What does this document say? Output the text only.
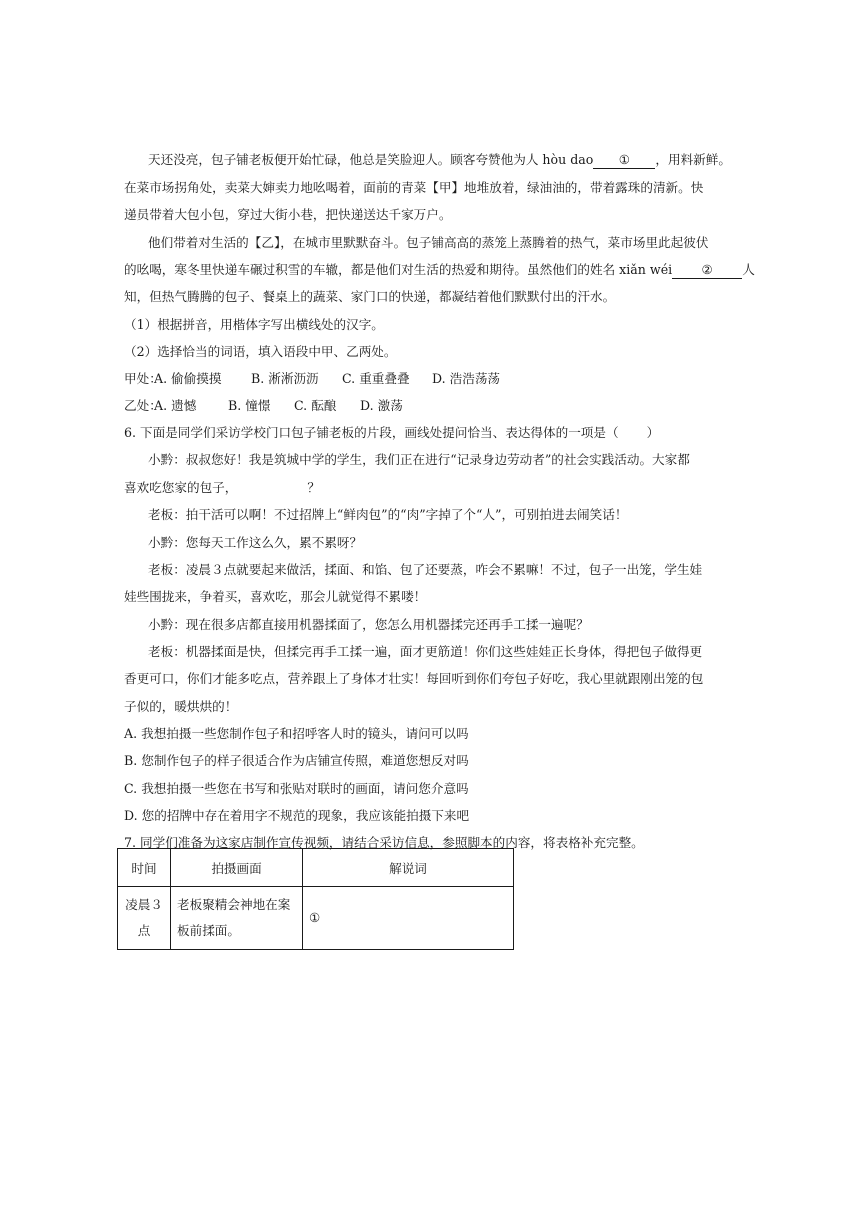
天还没亮，包子铺老板便开始忙碌，他总是笑脸迎人。顾客夸赞他为人 hòu dao ① ，用料新鲜。
在菜市场拐角处，卖菜大婶卖力地吆喝着，面前的青菜【甲】地堆放着，绿油油的，带着露珠的清新。快
递员带着大包小包，穿过大街小巷，把快递送达千家万户。
他们带着对生活的【乙】，在城市里默默奋斗。包子铺高高的蒸笼上蒸腾着的热气，菜市场里此起彼伏
的吆喝，寒冬里快递车碾过积雪的车辙，都是他们对生活的热爱和期待。虽然他们的姓名 xiǎn wéi ② 人
知，但热气腾腾的包子、餐桌上的蔬菜、家门口的快递，都凝结着他们默默付出的汗水。
（1）根据拼音，用楷体字写出横线处的汉字。
（2）选择恰当的词语，填入语段中甲、乙两处。
甲处：
A. 偷偷摸摸 B. 淅淅沥沥 C. 重重叠叠 D. 浩浩荡荡
乙处：
A. 遗憾	B. 憧憬 C. 酝酿 D. 激荡
6. 下面是同学们采访学校门口包子铺老板的片段，画线处提问恰当、表达得体的一项是（ ）
小黔：叔叔您好！我是筑城中学的学生，我们正在进行“记录身边劳动者”的社会实践活动。大家都
喜欢吃您家的包子，	？
老板：拍干活可以啊！不过招牌上“鲜肉包”的“肉”字掉了个“人”，可别拍进去闹笑话！
小黔：您每天工作这么久，累不累呀？
老板：凌晨３点就要起来做活，揉面、和馅、包了还要蒸，咋会不累嘛！不过，包子一出笼，学生娃
娃些围拢来，争着买，喜欢吃，那会儿就觉得不累喽！
小黔：现在很多店都直接用机器揉面了，您怎么用机器揉完还再手工揉一遍呢？
老板：机器揉面是快，但揉完再手工揉一遍，面才更筋道！你们这些娃娃正长身体，得把包子做得更
香更可口，你们才能多吃点，营养跟上了身体才壮实！每回听到你们夸包子好吃，我心里就跟刚出笼的包
子似的，暖烘烘的！
A. 我想拍摄一些您制作包子和招呼客人时的镜头，请问可以吗
B. 您制作包子的样子很适合作为店铺宣传照，难道您想反对吗
C. 我想拍摄一些您在书写和张贴对联时的画面，请问您介意吗
D. 您的招牌中存在着用字不规范的现象，我应该能拍摄下来吧
7. 同学们准备为这家店制作宣传视频，请结合采访信息，参照脚本的内容，将表格补充完整。
时间	拍摄画面	解说词
凌晨３点	老板聚精会神地在案板前揉面。	①
